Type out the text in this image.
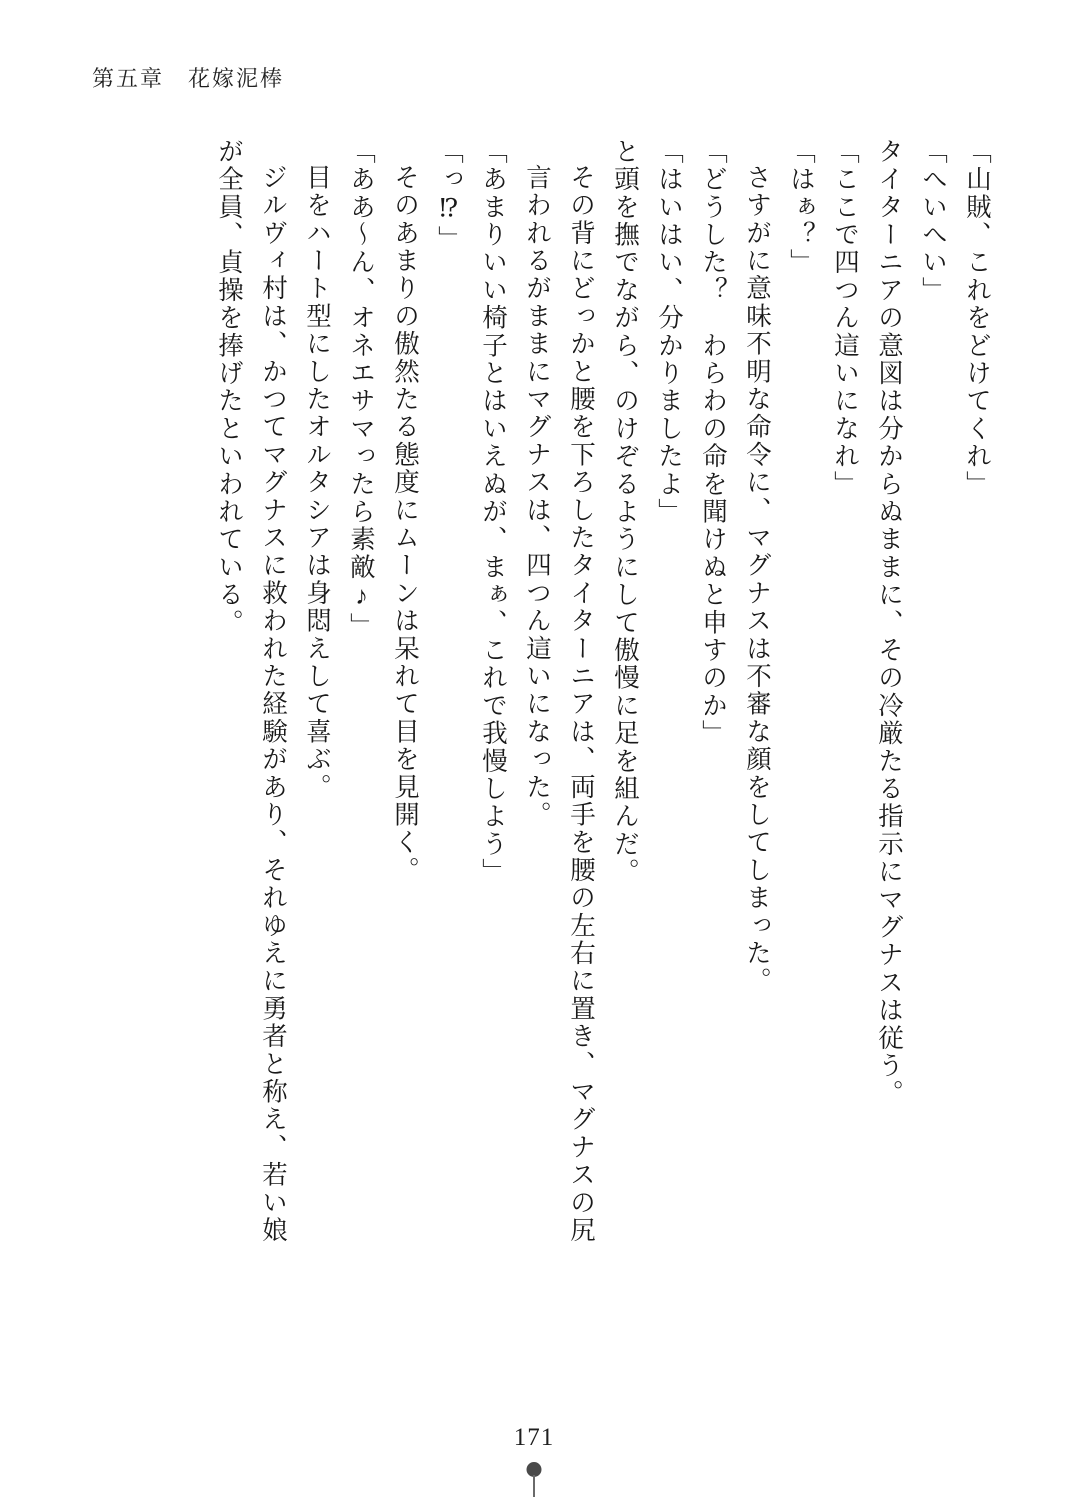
第五章　花嫁泥棒
「山賊、これをどけてくれ」
「へいへい」
タイターニアの意図は分からぬままに、その冷厳たる指示にマグナスは従う。
「ここで四つん這いになれ」
「はぁ？」
さすがに意味不明な命令に、マグナスは不審な顔をしてしまった。
「どうした？　わらわの命を聞けぬと申すのか」
「はいはい、分かりましたよ」
と頭を撫でながら、のけぞるようにして傲慢に足を組んだ。
その背にどっかと腰を下ろしたタイターニアは、両手を腰の左右に置き、マグナスの尻
言われるがままにマグナスは、四つん這いになった。
「あまりいい椅子とはいえぬが、まぁ、これで我慢しよう」
「っ⁉」
そのあまりの傲然たる態度にムーンは呆れて目を見開く。
「ああ～ん、オネエサマったら素敵♪」
目をハート型にしたオルタシアは身悶えして喜ぶ。
ジルヴィ村は、かつてマグナスに救われた経験があり、それゆえに勇者と称え、若い娘
が全員、貞操を捧げたといわれている。
171
